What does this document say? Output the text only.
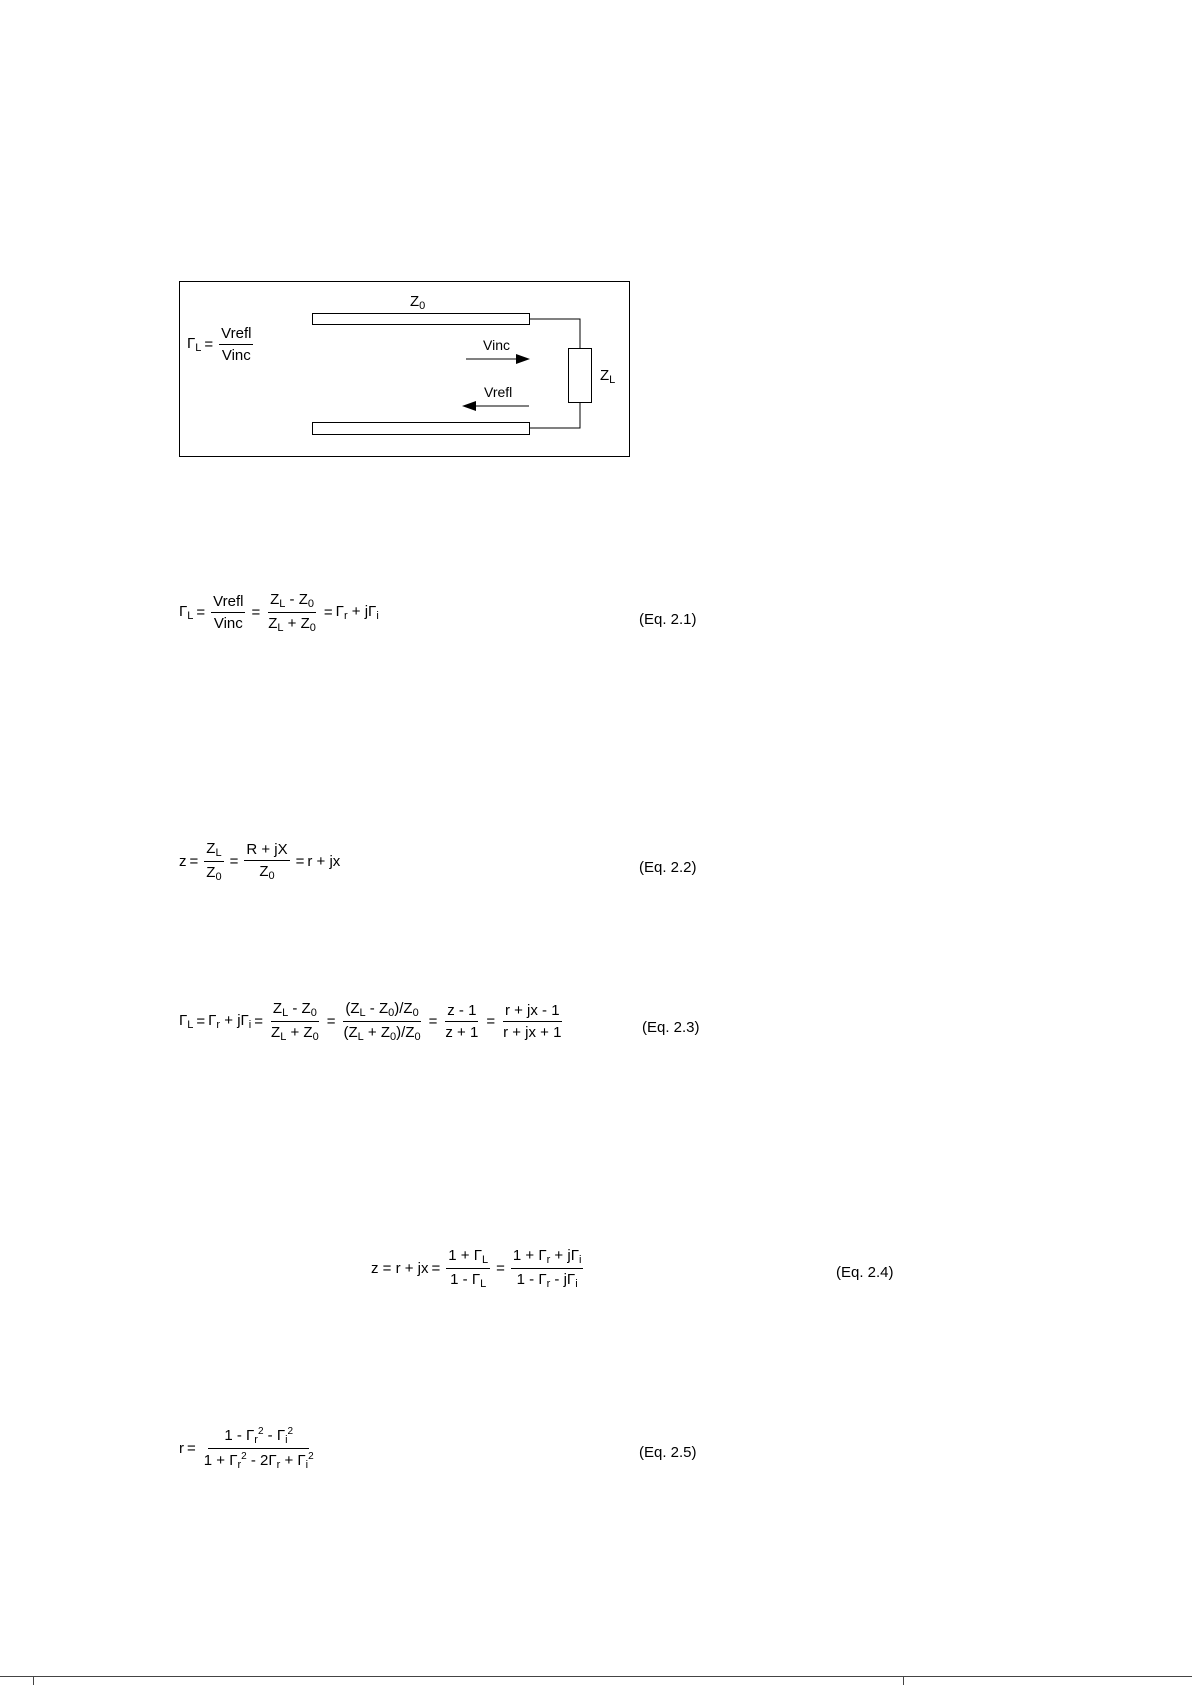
$\Gamma_L = \frac{\text{Vrefl}}{\text{Vinc}}$
$Z_0$
$Z_L$
Vinc
Vrefl
$\Gamma_L = \frac{\text{Vrefl}}{\text{Vinc}} = \frac{Z_L - Z_0}{Z_L + Z_0} = \Gamma_r + j\Gamma_i$	(Eq. 2.1)
$z = \frac{Z_L}{Z_0} = \frac{R + jX}{Z_0} = r$ + jx	(Eq. 2.2)
$\Gamma_L = \Gamma_r + j\Gamma_i = \frac{Z_L - Z_0}{Z_L + Z_0} = \frac{(Z_L - Z_0)/Z_0}{(Z_L + Z_0)/Z_0} = \frac{z - 1}{z + 1} = \frac{r + jx - 1}{r + jx + 1}$	(Eq. 2.3)
z = r + jx = $\frac{1 + \Gamma_L}{1 - \Gamma_L} = \frac{1 + \Gamma_r + j\Gamma_i}{1 - \Gamma_r - j\Gamma_i}$	(Eq. 2.4)
$r = \frac{1 - \Gamma_r^2 - \Gamma_i^2}{1 + \Gamma_r^2 - 2\Gamma_r + \Gamma_i^2}$	(Eq. 2.5)
